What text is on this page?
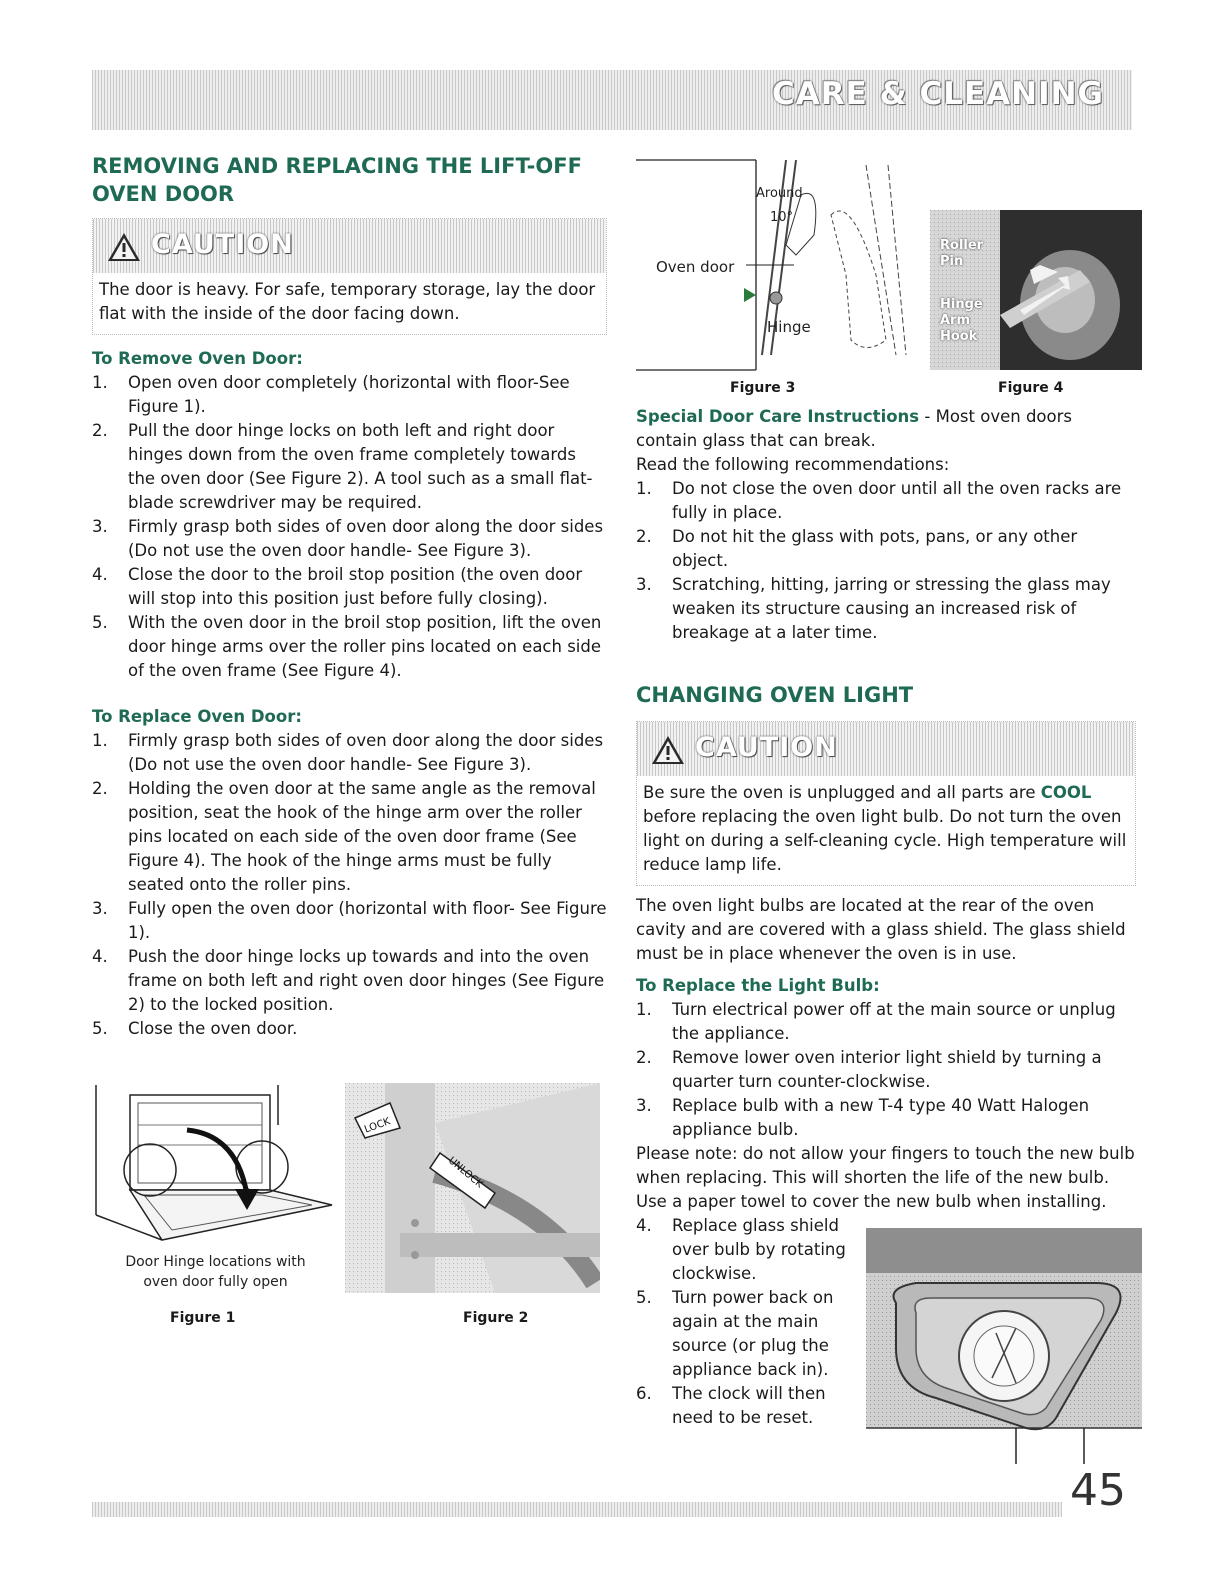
CARE & CLEANING
REMOVING AND REPLACING THE LIFT-OFF OVEN DOOR
CAUTION
The door is heavy. For safe, temporary storage, lay the door flat with the inside of the door facing down.
To Remove Oven Door:
1. Open oven door completely (horizontal with floor-See Figure 1).
2. Pull the door hinge locks on both left and right door hinges down from the oven frame completely towards the oven door (See Figure 2). A tool such as a small flat-blade screwdriver may be required.
3. Firmly grasp both sides of oven door along the door sides (Do not use the oven door handle- See Figure 3).
4. Close the door to the broil stop position (the oven door will stop into this position just before fully closing).
5. With the oven door in the broil stop position, lift the oven door hinge arms over the roller pins located on each side of the oven frame (See Figure 4).
To Replace Oven Door:
1. Firmly grasp both sides of oven door along the door sides (Do not use the oven door handle- See Figure 3).
2. Holding the oven door at the same angle as the removal position, seat the hook of the hinge arm over the roller pins located on each side of the oven door frame (See Figure 4). The hook of the hinge arms must be fully seated onto the roller pins.
3. Fully open the oven door (horizontal with floor- See Figure 1).
4. Push the door hinge locks up towards and into the oven frame on both left and right oven door hinges (See Figure 2) to the locked position.
5. Close the oven door.
Door Hinge locations with oven door fully open
Figure 1
LOCK
UNLOCK
Figure 2
Around
10°
Oven door
Hinge
Roller Pin
Hinge Arm Hook
Figure 3	Figure 4
Special Door Care Instructions - Most oven doors contain glass that can break.
Read the following recommendations:
1. Do not close the oven door until all the oven racks are fully in place.
2. Do not hit the glass with pots, pans, or any other object.
3. Scratching, hitting, jarring or stressing the glass may weaken its structure causing an increased risk of breakage at a later time.
CHANGING OVEN LIGHT
CAUTION
Be sure the oven is unplugged and all parts are COOL before replacing the oven light bulb. Do not turn the oven light on during a self-cleaning cycle. High temperature will reduce lamp life.
The oven light bulbs are located at the rear of the oven cavity and are covered with a glass shield. The glass shield must be in place whenever the oven is in use.
To Replace the Light Bulb:
1. Turn electrical power off at the main source or unplug the appliance.
2. Remove lower oven interior light shield by turning a quarter turn counter-clockwise.
3. Replace bulb with a new T-4 type 40 Watt Halogen appliance bulb.
Please note: do not allow your fingers to touch the new bulb when replacing. This will shorten the life of the new bulb. Use a paper towel to cover the new bulb when installing.
4. Replace glass shield over bulb by rotating clockwise.
5. Turn power back on again at the main source (or plug the appliance back in).
6. The clock will then need to be reset.
45
